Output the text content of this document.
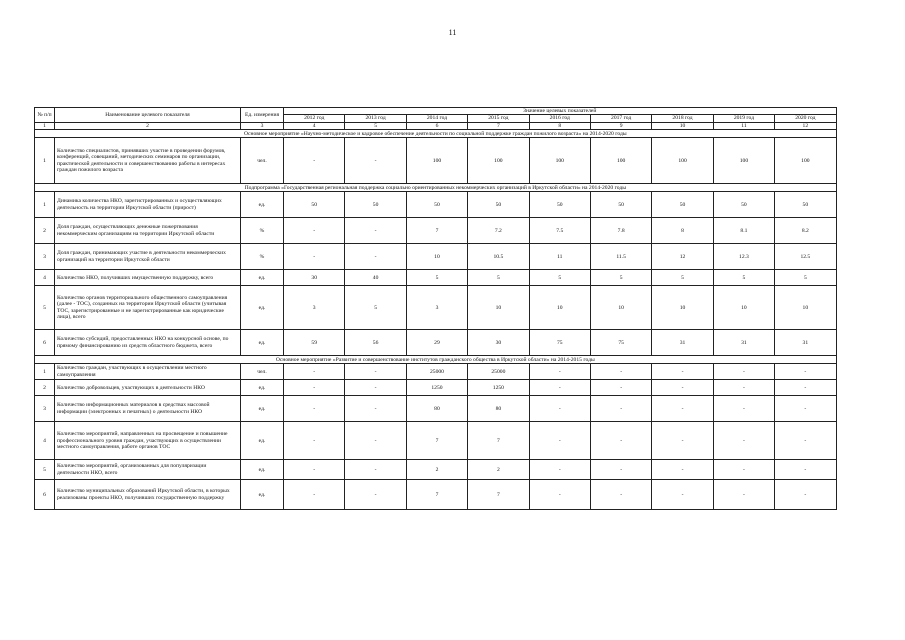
11
№ п/п	Наименование целевого показателя	Ед. измерения	Значение целевых показателей								
			2012 год	2013 год	2014 год	2015 год	2016 год	2017 год	2018 год	2019 год	2020 год
1	2	3	4	5	6	7	8	9	10	11	12
Основное мероприятие «Научно-методическое и кадровое обеспечение деятельности по социальной поддержке граждан пожилого возраста» на 2014-2020 годы											
1	Количество специалистов, принявших участие в проведении форумов, конференций, совещаний, методических семинаров по организации, практической деятельности и совершенствованию работы в интересах граждан пожилого возраста	чел.	-	-	100	100	100	100	100	100	100
Подпрограмма «Государственная региональная поддержка социально ориентированных некоммерческих организаций в Иркутской области» на 2014-2020 годы											
1	Динамика количества НКО, зарегистрированных и осуществляющих деятельность на территории Иркутской области (прирост)	ед.	50	50	50	50	50	50	50	50	50
2	Доля граждан, осуществляющих денежные пожертвования некоммерческим организациям на территории Иркутской области	%	-	-	7	7.2	7.5	7.8	8	8.1	8.2
3	Доля граждан, принимающих участие в деятельности некоммерческих организаций на территории Иркутской области	%	-	-	10	10.5	11	11.5	12	12.3	12.5
4	Количество НКО, получивших имущественную поддержку, всего	ед.	30	40	5	5	5	5	5	5	5
5	Количество органов территориального общественного самоуправления (далее - ТОС), созданных на территории Иркутской области (учитывая ТОС, зарегистрированные и не зарегистрированные как юридические лица), всего	ед.	3	5	3	10	10	10	10	10	10
6	Количество субсидий, предоставленных НКО на конкурсной основе, по прямому финансированию из средств областного бюджета, всего	ед.	59	56	29	30	75	75	31	31	31
Основное мероприятие «Развитие и совершенствование институтов гражданского общества в Иркутской области» на 2014-2015 годы											
1	Количество граждан, участвующих в осуществлении местного самоуправления	чел.	-	-	25000	25000	-	-	-	-	-
2	Количество добровольцев, участвующих в деятельности НКО	ед.	-	-	1250	1250	-	-	-	-	-
3	Количество информационных материалов в средствах массовой информации (электронных и печатных) о деятельности НКО	ед.	-	-	80	80	-	-	-	-	-
4	Количество мероприятий, направленных на просвещение и повышение профессионального уровня граждан, участвующих в осуществлении местного самоуправления, работе органов ТОС	ед.	-	-	7	7	-	-	-	-	-
5	Количество мероприятий, организованных для популяризации деятельности НКО, всего	ед.	-	-	2	2	-	-	-	-	-
6	Количество муниципальных образований Иркутской области, в которых реализованы проекты НКО, получивших государственную поддержку	ед.	-	-	7	7	-	-	-	-	-
